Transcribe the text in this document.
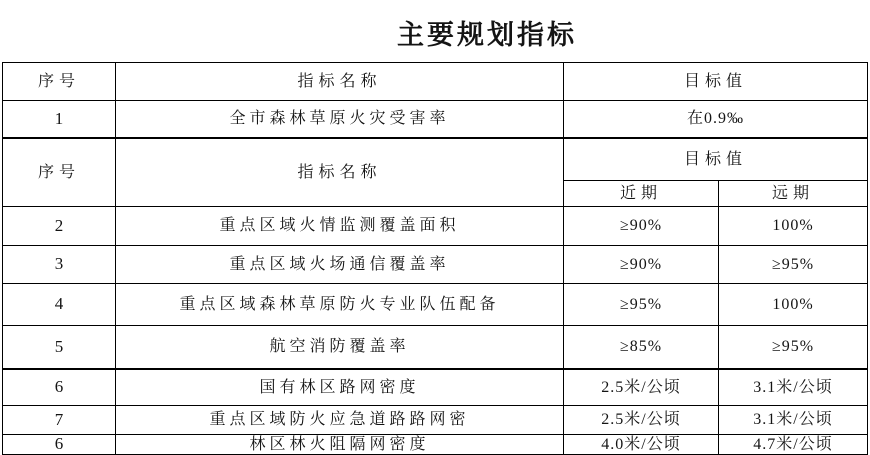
主要规划指标
序号	指标名称	目标值	
1	全市森林草原火灾受害率	在0.9‰	
序号	指标名称	目标值	
		近期	远期
2	重点区域火情监测覆盖面积	≥90%	100%
3	重点区域火场通信覆盖率	≥90%	≥95%
4	重点区域森林草原防火专业队伍配备	≥95%	100%
5	航空消防覆盖率	≥85%	≥95%
6	国有林区路网密度	2.5米/公顷	3.1米/公顷
7	重点区域防火应急道路路网密	2.5米/公顷	3.1米/公顷
6	林区林火阻隔网密度	4.0米/公顷	4.7米/公顷
